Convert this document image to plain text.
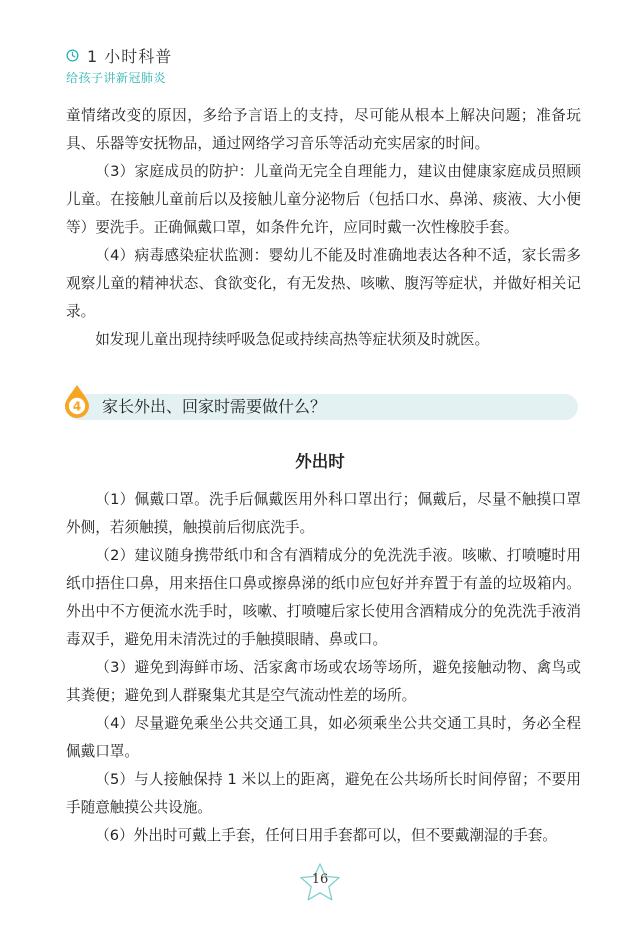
1 小时科普
给孩子讲新冠肺炎

童情绪改变的原因，多给予言语上的支持，尽可能从根本上解决问题；准备玩具、乐器等安抚物品，通过网络学习音乐等活动充实居家的时间。

（3）家庭成员的防护：儿童尚无完全自理能力，建议由健康家庭成员照顾儿童。在接触儿童前后以及接触儿童分泌物后（包括口水、鼻涕、痰液、大小便等）要洗手。正确佩戴口罩，如条件允许，应同时戴一次性橡胶手套。

（4）病毒感染症状监测：婴幼儿不能及时准确地表达各种不适，家长需多观察儿童的精神状态、食欲变化，有无发热、咳嗽、腹泻等症状，并做好相关记录。

如发现儿童出现持续呼吸急促或持续高热等症状须及时就医。

4 家长外出、回家时需要做什么？
外出时

（1）佩戴口罩。洗手后佩戴医用外科口罩出行；佩戴后，尽量不触摸口罩外侧，若须触摸，触摸前后彻底洗手。

（2）建议随身携带纸巾和含有酒精成分的免洗洗手液。咳嗽、打喷嚏时用纸巾捂住口鼻，用来捂住口鼻或擦鼻涕的纸巾应包好并弃置于有盖的垃圾箱内。外出中不方便流水洗手时，咳嗽、打喷嚏后家长使用含酒精成分的免洗洗手液消毒双手，避免用未清洗过的手触摸眼睛、鼻或口。

（3）避免到海鲜市场、活家禽市场或农场等场所，避免接触动物、禽鸟或其粪便；避免到人群聚集尤其是空气流动性差的场所。

（4）尽量避免乘坐公共交通工具，如必须乘坐公共交通工具时，务必全程佩戴口罩。

（5）与人接触保持 1 米以上的距离，避免在公共场所长时间停留；不要用手随意触摸公共设施。

（6）外出时可戴上手套，任何日用手套都可以，但不要戴潮湿的手套。

16
